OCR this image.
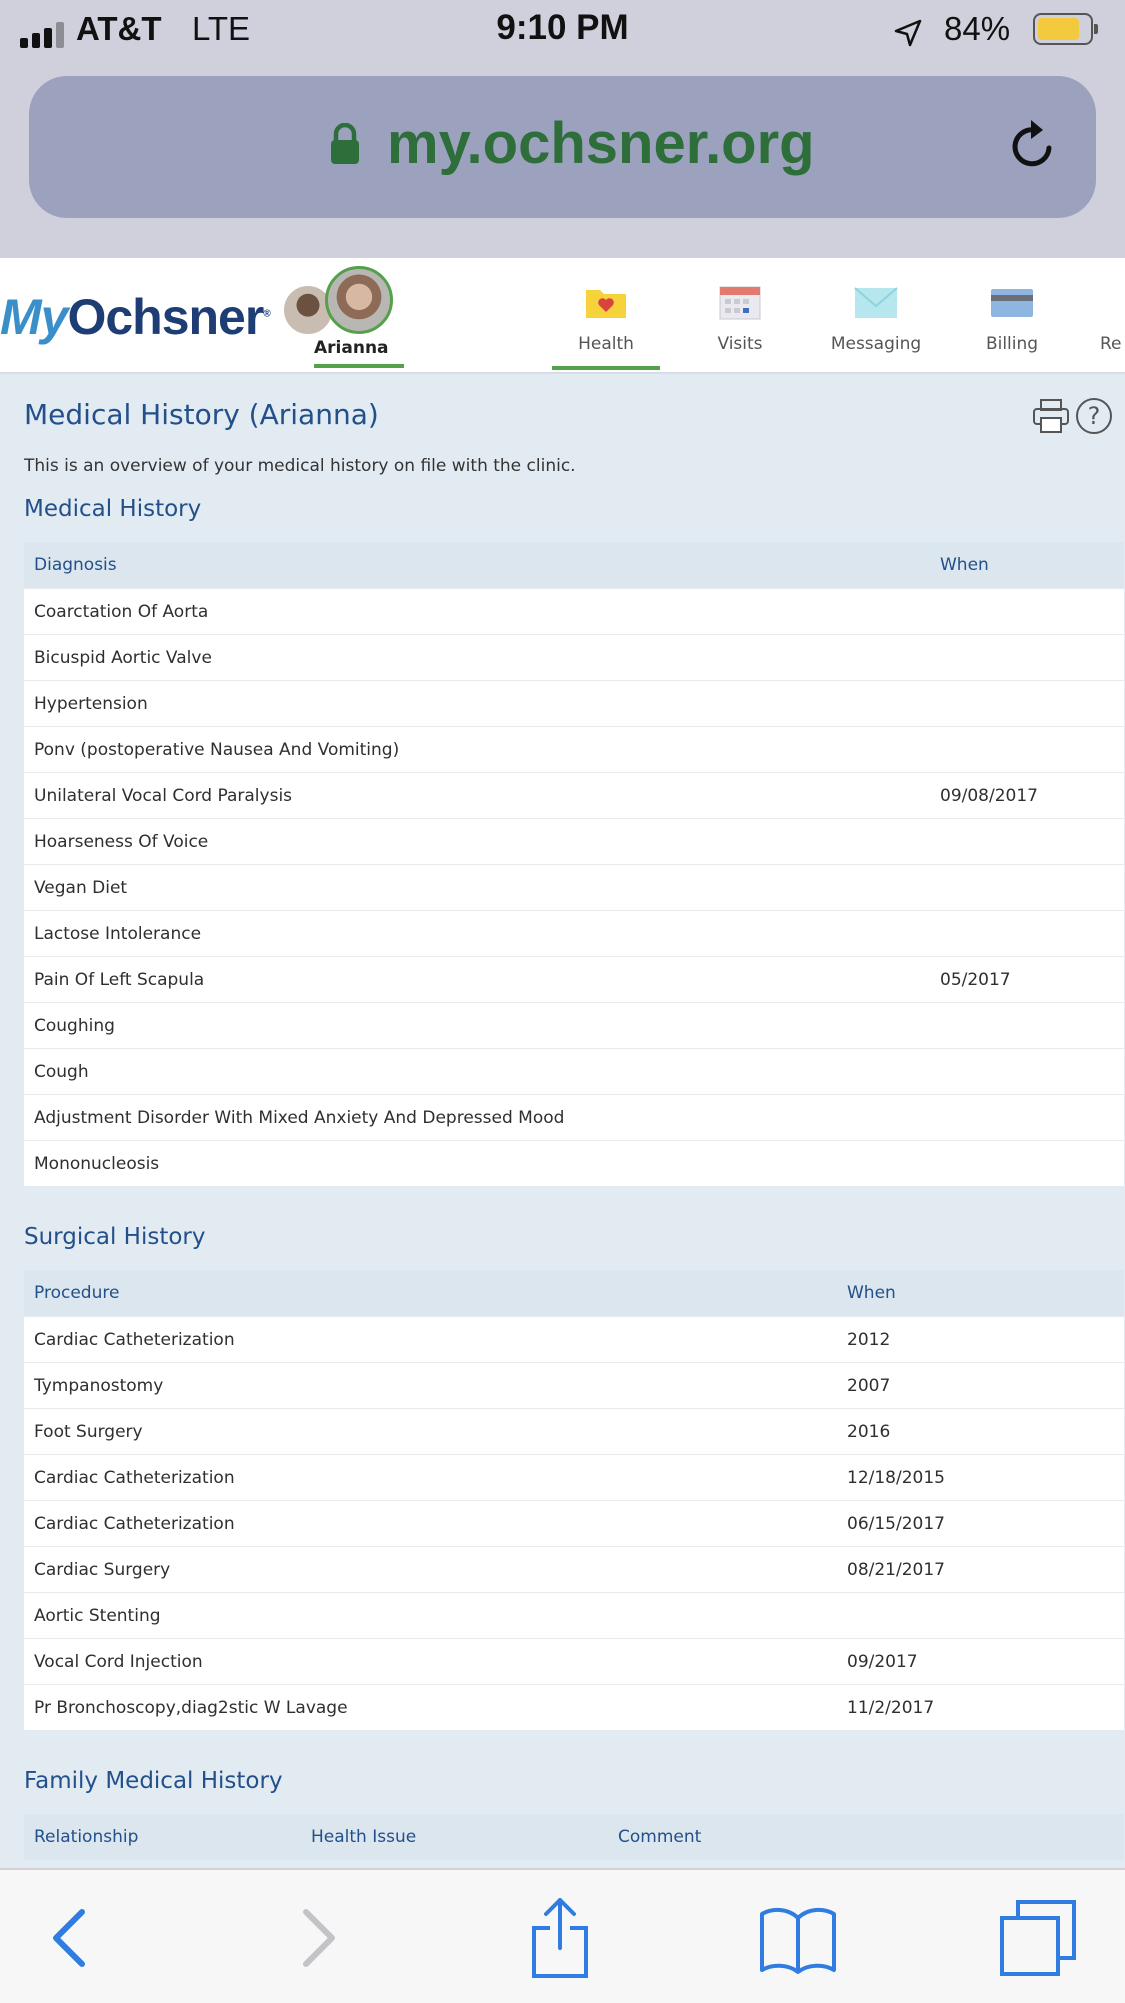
AT&T LTE	9:10 PM	84%
my.ochsner.org
MyOchsner®
Arianna	Health	Visits	Messaging	Billing	Re
Medical History (Arianna)	?
This is an overview of your medical history on file with the clinic.
Medical History
Diagnosis	When
Coarctation Of Aorta
Bicuspid Aortic Valve
Hypertension
Ponv (postoperative Nausea And Vomiting)
Unilateral Vocal Cord Paralysis	09/08/2017
Hoarseness Of Voice
Vegan Diet
Lactose Intolerance
Pain Of Left Scapula	05/2017
Coughing
Cough
Adjustment Disorder With Mixed Anxiety And Depressed Mood
Mononucleosis
Surgical History
Procedure	When
Cardiac Catheterization	2012
Tympanostomy	2007
Foot Surgery	2016
Cardiac Catheterization	12/18/2015
Cardiac Catheterization	06/15/2017
Cardiac Surgery	08/21/2017
Aortic Stenting
Vocal Cord Injection	09/2017
Pr Bronchoscopy,diag2stic W Lavage	11/2/2017
Family Medical History
Relationship	Health Issue	Comment
